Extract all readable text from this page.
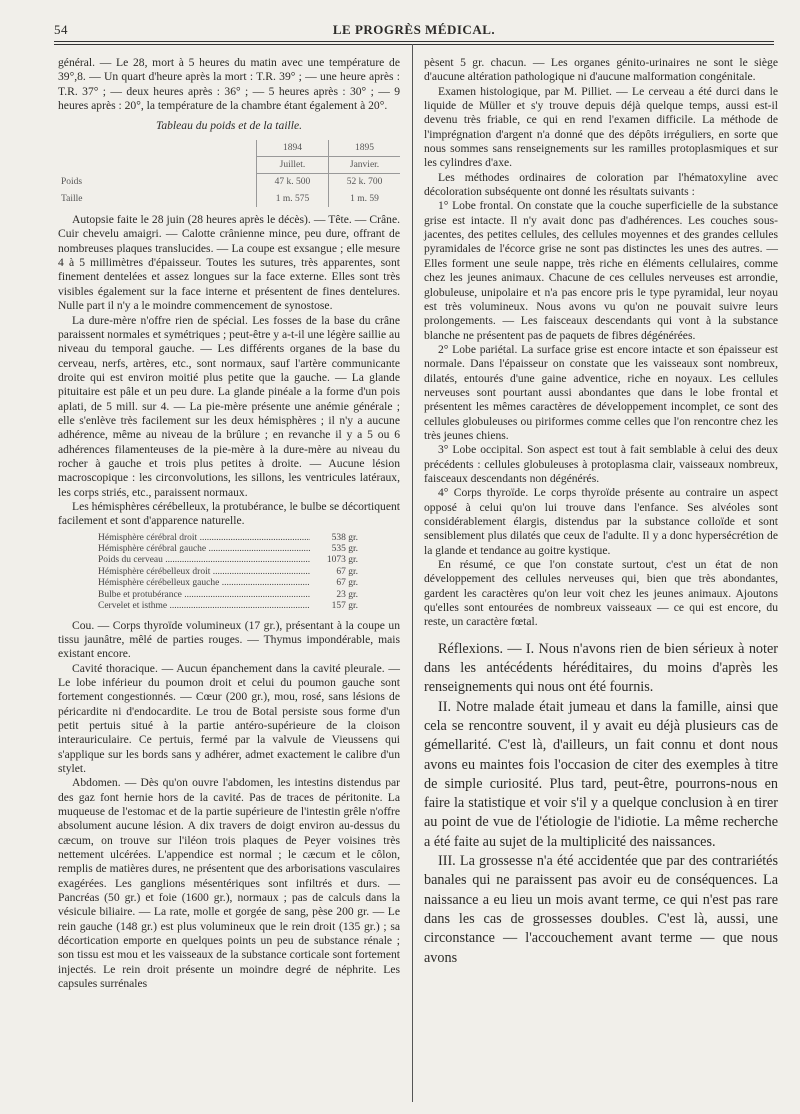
54	LE PROGRÈS MÉDICAL.

général. — Le 28, mort à 5 heures du matin avec une température de 39°,8. — Un quart d'heure après la mort : T.R. 39° ; — une heure après : T.R. 37° ; — deux heures après : 36° ; — 5 heures après : 30° ; — 9 heures après : 20°, la température de la chambre étant également à 20°.

Tableau du poids et de la taille.
	1894	1895
	Juillet.	Janvier.
Poids	47 k. 500	52 k. 700
Taille	1 m. 575	1 m. 59

Autopsie faite le 28 juin (28 heures après le décès). — Tête. — Crâne. Cuir chevelu amaigri. — Calotte crânienne mince, peu dure, offrant de nombreuses plaques translucides. — La coupe est exsangue ; elle mesure 4 à 5 millimètres d'épaisseur. Toutes les sutures, très apparentes, sont finement dentelées et assez longues sur la face externe. Elles sont très visibles également sur la face interne et présentent de fines dentelures. Nulle part il n'y a le moindre commencement de synostose.

La dure-mère n'offre rien de spécial. Les fosses de la base du crâne paraissent normales et symétriques ; peut-être y a-t-il une légère saillie au niveau du temporal gauche. — Les différents organes de la base du cerveau, nerfs, artères, etc., sont normaux, sauf l'artère communicante droite qui est environ moitié plus petite que la gauche. — La glande pituitaire est pâle et un peu dure. La glande pinéale a la forme d'un pois aplati, de 5 mill. sur 4. — La pie-mère présente une anémie générale ; elle s'enlève très facilement sur les deux hémisphères ; il n'y a aucune adhérence, même au niveau de la brûlure ; en revanche il y a 5 ou 6 adhérences filamenteuses de la pie-mère à la dure-mère au niveau du rocher à gauche et trois plus petites à droite. — Aucune lésion macroscopique : les circonvolutions, les sillons, les ventricules latéraux, les corps striés, etc., paraissent normaux.

Les hémisphères cérébelleux, la protubérance, le bulbe se décortiquent facilement et sont d'apparence naturelle.

Hémisphère cérébral droit .....	538 gr.
Hémisphère cérébral gauche .....	535 gr.
Poids du cerveau .....	1073 gr.
Hémisphère cérébelleux droit .....	67 gr.
Hémisphère cérébelleux gauche .....	67 gr.
Bulbe et protubérance .....	23 gr.
Cervelet et isthme .....	157 gr.

Cou. — Corps thyroïde volumineux (17 gr.), présentant à la coupe un tissu jaunâtre, mêlé de parties rouges. — Thymus impondérable, mais existant encore.

Cavité thoracique. — Aucun épanchement dans la cavité pleurale. — Le lobe inférieur du poumon droit et celui du poumon gauche sont fortement congestionnés. — Cœur (200 gr.), mou, rosé, sans lésions de péricardite ni d'endocardite. Le trou de Botal persiste sous forme d'un petit pertuis situé à la partie antéro-supérieure de la cloison interauriculaire. Ce pertuis, fermé par la valvule de Vieussens qui s'applique sur les bords sans y adhérer, admet exactement le calibre d'un stylet.

Abdomen. — Dès qu'on ouvre l'abdomen, les intestins distendus par des gaz font hernie hors de la cavité. Pas de traces de péritonite. La muqueuse de l'estomac et de la partie supérieure de l'intestin grêle n'offre absolument aucune lésion. A dix travers de doigt environ au-dessus du cæcum, on trouve sur l'iléon trois plaques de Peyer voisines très nettement ulcérées. L'appendice est normal ; le cæcum et le côlon, remplis de matières dures, ne présentent que des arborisations vasculaires exagérées. Les ganglions mésentériques sont infiltrés et durs. — Pancréas (50 gr.) et foie (1600 gr.), normaux ; pas de calculs dans la vésicule biliaire. — La rate, molle et gorgée de sang, pèse 200 gr. — Le rein gauche (148 gr.) est plus volumineux que le rein droit (135 gr.) ; sa décortication emporte en quelques points un peu de substance rénale ; son tissu est mou et les vaisseaux de la substance corticale sont fortement injectés. Le rein droit présente un moindre degré de néphrite. Les capsules surrénales

pèsent 5 gr. chacun. — Les organes génito-urinaires ne sont le siège d'aucune altération pathologique ni d'aucune malformation congénitale.

Examen histologique, par M. Pilliet. — Le cerveau a été durci dans le liquide de Müller et s'y trouve depuis déjà quelque temps, aussi est-il devenu très friable, ce qui en rend l'examen difficile. La méthode de l'imprégnation d'argent n'a donné que des dépôts irréguliers, en sorte que nous sommes sans renseignements sur les ramilles protoplasmiques et sur les cylindres d'axe.

Les méthodes ordinaires de coloration par l'hématoxyline avec décoloration subséquente ont donné les résultats suivants :

1° Lobe frontal. On constate que la couche superficielle de la substance grise est intacte. Il n'y avait donc pas d'adhérences. Les couches sous-jacentes, des petites cellules, des cellules moyennes et des grandes cellules pyramidales de l'écorce grise ne sont pas distinctes les unes des autres. — Elles forment une seule nappe, très riche en éléments cellulaires, comme chez les jeunes animaux. Chacune de ces cellules nerveuses est arrondie, globuleuse, unipolaire et n'a pas encore pris le type pyramidal, leur noyau est très volumineux. Nous avons vu qu'on ne pouvait suivre leurs prolongements. — Les faisceaux descendants qui vont à la substance blanche ne présentent pas de paquets de fibres dégénérées.

2° Lobe pariétal. La surface grise est encore intacte et son épaisseur est normale. Dans l'épaisseur on constate que les vaisseaux sont nombreux, dilatés, entourés d'une gaine adventice, riche en noyaux. Les cellules nerveuses sont pourtant aussi abondantes que dans le lobe frontal et présentent les mêmes caractères de développement incomplet, ce sont des cellules globuleuses ou piriformes comme celles que l'on rencontre chez les très jeunes chiens.

3° Lobe occipital. Son aspect est tout à fait semblable à celui des deux précédents : cellules globuleuses à protoplasma clair, vaisseaux nombreux, faisceaux descendants non dégénérés.

4° Corps thyroïde. Le corps thyroïde présente au contraire un aspect opposé à celui qu'on lui trouve dans l'enfance. Ses alvéoles sont considérablement élargis, distendus par la substance colloïde et sont sensiblement plus dilatés que ceux de l'adulte. Il y a donc hypersécrétion de la glande et tendance au goitre kystique.

En résumé, ce que l'on constate surtout, c'est un état de non développement des cellules nerveuses qui, bien que très abondantes, gardent les caractères qu'on leur voit chez les jeunes animaux. Ajoutons qu'elles sont entourées de nombreux vaisseaux — ce qui est encore, du reste, un caractère fœtal.

Réflexions. — I. Nous n'avons rien de bien sérieux à noter dans les antécédents héréditaires, du moins d'après les renseignements qui nous ont été fournis.

II. Notre malade était jumeau et dans la famille, ainsi que cela se rencontre souvent, il y avait eu déjà plusieurs cas de gémellarité. C'est là, d'ailleurs, un fait connu et dont nous avons eu maintes fois l'occasion de citer des exemples à titre de simple curiosité. Plus tard, peut-être, pourrons-nous en faire la statistique et voir s'il y a quelque conclusion à en tirer au point de vue de l'étiologie de l'idiotie. La même recherche a été faite au sujet de la multiplicité des naissances.

III. La grossesse n'a été accidentée que par des contrariétés banales qui ne paraissent pas avoir eu de conséquences. La naissance a eu lieu un mois avant terme, ce qui n'est pas rare dans les cas de grossesses doubles. C'est là, aussi, une circonstance — l'accouchement avant terme — que nous avons
